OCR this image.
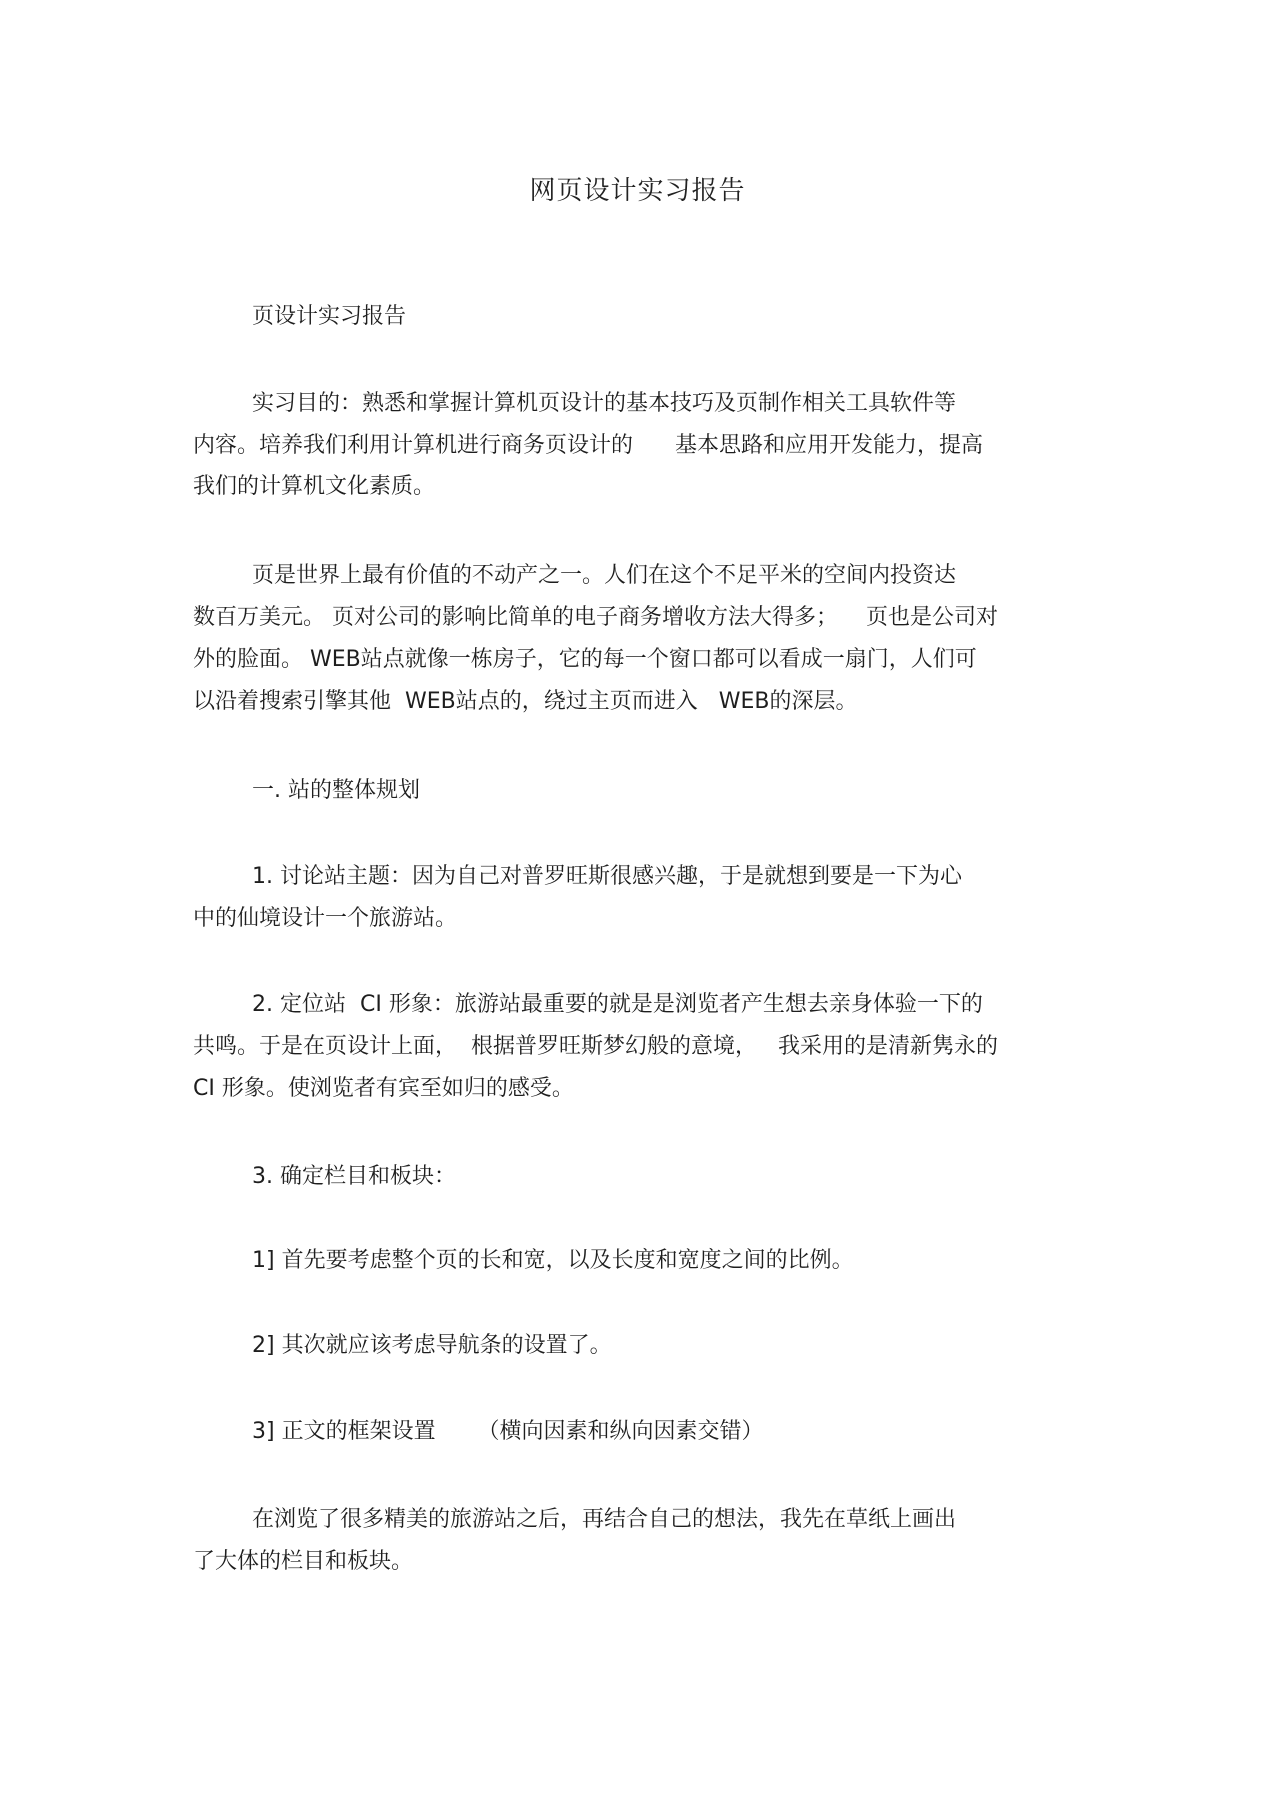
网页设计实习报告
页设计实习报告
实习目的：熟悉和掌握计算机页设计的基本技巧及页制作相关工具软件等
内容。培养我们利用计算机进行商务页设计的      基本思路和应用开发能力，提高
我们的计算机文化素质。
页是世界上最有价值的不动产之一。人们在这个不足平米的空间内投资达
数百万美元。 页对公司的影响比简单的电子商务增收方法大得多；    页也是公司对
外的脸面。 WEB站点就像一栋房子，它的每一个窗口都可以看成一扇门，人们可
以沿着搜索引擎其他  WEB站点的，绕过主页而进入   WEB的深层。
一. 站的整体规划
1. 讨论站主题：因为自己对普罗旺斯很感兴趣，于是就想到要是一下为心
中的仙境设计一个旅游站。
2. 定位站  CI 形象：旅游站最重要的就是是浏览者产生想去亲身体验一下的
共鸣。于是在页设计上面，  根据普罗旺斯梦幻般的意境，   我采用的是清新隽永的
CI 形象。使浏览者有宾至如归的感受。
3. 确定栏目和板块：
1] 首先要考虑整个页的长和宽，以及长度和宽度之间的比例。
2] 其次就应该考虑导航条的设置了。
3] 正文的框架设置      （横向因素和纵向因素交错）
在浏览了很多精美的旅游站之后，再结合自己的想法，我先在草纸上画出
了大体的栏目和板块。
